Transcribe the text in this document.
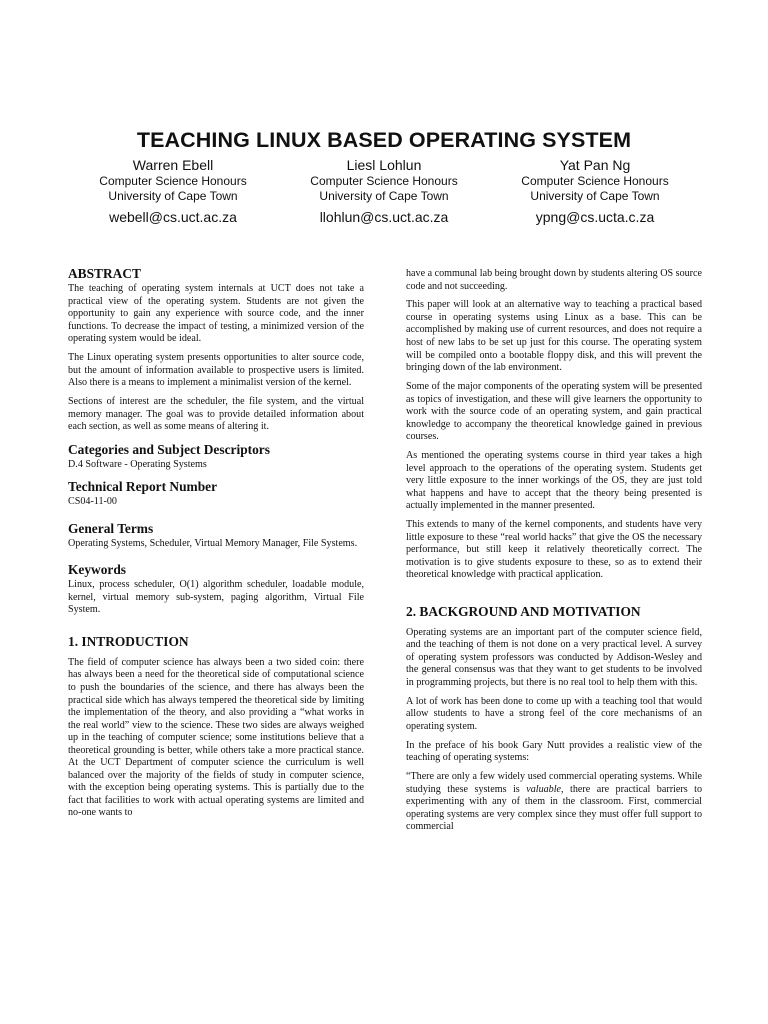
TEACHING LINUX BASED OPERATING SYSTEM
Warren Ebell
Computer Science Honours
University of Cape Town
webell@cs.uct.ac.za
Liesl Lohlun
Computer Science Honours
University of Cape Town
llohlun@cs.uct.ac.za
Yat Pan Ng
Computer Science Honours
University of Cape Town
ypng@cs.ucta.c.za
ABSTRACT

The teaching of operating system internals at UCT does not take a practical view of the operating system. Students are not given the opportunity to gain any experience with source code, and the inner functions. To decrease the impact of testing, a minimized version of the operating system would be ideal.

The Linux operating system presents opportunities to alter source code, but the amount of information available to prospective users is limited. Also there is a means to implement a minimalist version of the kernel.

Sections of interest are the scheduler, the file system, and the virtual memory manager. The goal was to provide detailed information about each section, as well as some means of altering it.

Categories and Subject Descriptors

D.4 Software - Operating Systems

Technical Report Number

CS04-11-00

General Terms

Operating Systems, Scheduler, Virtual Memory Manager, File Systems.

Keywords

Linux, process scheduler, O(1) algorithm scheduler, loadable module, kernel, virtual memory sub-system, paging algorithm, Virtual File System.

1. INTRODUCTION

The field of computer science has always been a two sided coin: there has always been a need for the theoretical side of computational science to push the boundaries of the science, and there has always been the practical side which has always tempered the theoretical side by limiting the implementation of the theory, and also providing a “what works in the real world” view to the science. These two sides are always weighed up in the teaching of computer science; some institutions believe that a theoretical grounding is better, while others take a more practical stance. At the UCT Department of computer science the curriculum is well balanced over the majority of the fields of study in computer science, with the exception being operating systems. This is partially due to the fact that facilities to work with actual operating systems are limited and no-one wants to

have a communal lab being brought down by students altering OS source code and not succeeding.

This paper will look at an alternative way to teaching a practical based course in operating systems using Linux as a base. This can be accomplished by making use of current resources, and does not require a host of new labs to be set up just for this course. The operating system will be compiled onto a bootable floppy disk, and this will prevent the bringing down of the lab environment.

Some of the major components of the operating system will be presented as topics of investigation, and these will give learners the opportunity to work with the source code of an operating system, and gain practical knowledge to accompany the theoretical knowledge gained in previous courses.

As mentioned the operating systems course in third year takes a high level approach to the operations of the operating system. Students get very little exposure to the inner workings of the OS, they are just told what happens and have to accept that the theory being presented is actually implemented in the manner presented.

This extends to many of the kernel components, and students have very little exposure to these “real world hacks” that give the OS the necessary performance, but still keep it relatively theoretically correct. The motivation is to give students exposure to these, so as to extend their theoretical knowledge with practical application.

2. BACKGROUND AND MOTIVATION

Operating systems are an important part of the computer science field, and the teaching of them is not done on a very practical level. A survey of operating system professors was conducted by Addison-Wesley and the general consensus was that they want to get students to be involved in programming projects, but there is no real tool to help them with this.

A lot of work has been done to come up with a teaching tool that would allow students to have a strong feel of the core mechanisms of an operating system.

In the preface of his book Gary Nutt provides a realistic view of the teaching of operating systems:

“There are only a few widely used commercial operating systems. While studying these systems is valuable, there are practical barriers to experimenting with any of them in the classroom. First, commercial operating systems are very complex since they must offer full support to commercial
